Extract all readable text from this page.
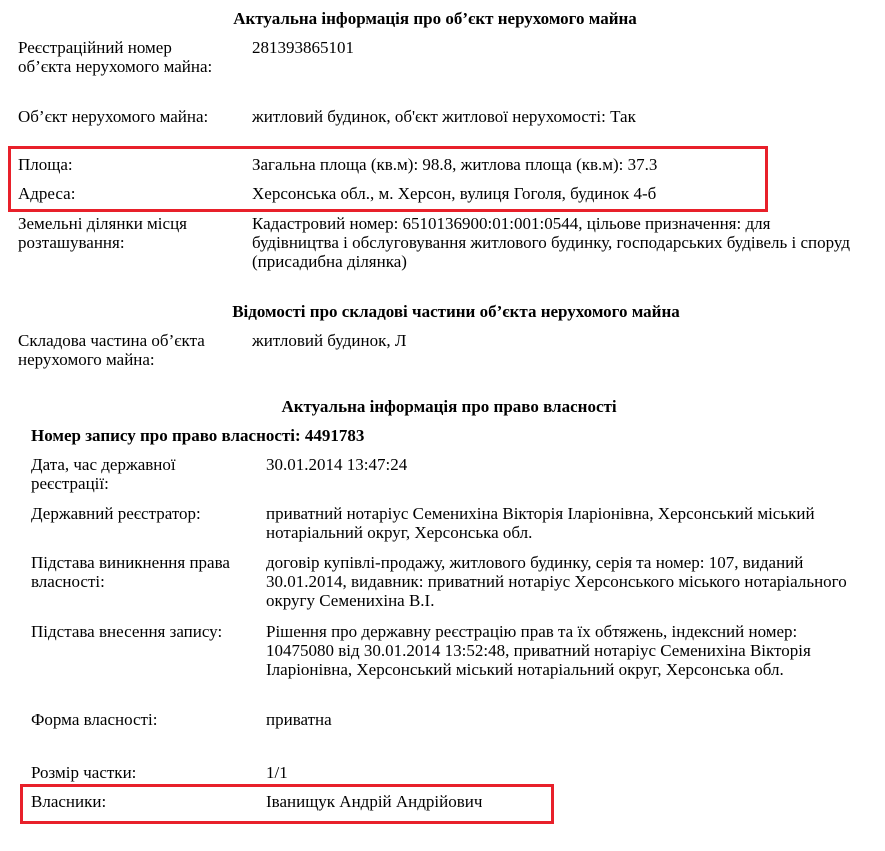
Актуальна інформація про об’єкт нерухомого майна
Реєстраційний номер об’єкта нерухомого майна:
281393865101
Об’єкт нерухомого майна:	житловий будинок, об'єкт житлової нерухомості: Так
Площа:	Загальна площа (кв.м): 98.8, житлова площа (кв.м): 37.3
Адреса:	Херсонська обл., м. Херсон, вулиця Гоголя, будинок 4-б
Земельні ділянки місця розташування:
Кадастровий номер: 6510136900:01:001:0544, цільове призначення: для будівництва і обслуговування житлового будинку, господарських будівель і споруд (присадибна ділянка)
Відомості про складові частини об’єкта нерухомого майна
Складова частина об’єкта нерухомого майна:
житловий будинок, Л
Актуальна інформація про право власності
Номер запису про право власності: 4491783
Дата, час державної реєстрації:
30.01.2014 13:47:24
Державний реєстратор:	приватний нотаріус Семенихіна Вікторія Іларіонівна, Херсонський міський нотаріальний округ, Херсонська обл.
Підстава виникнення права власності:
договір купівлі-продажу, житлового будинку, серія та номер: 107, виданий 30.01.2014, видавник: приватний нотаріус Херсонського міського нотаріального округу Семенихіна В.І.
Підстава внесення запису:	Рішення про державну реєстрацію прав та їх обтяжень, індексний номер: 10475080 від 30.01.2014 13:52:48, приватний нотаріус Семенихіна Вікторія Іларіонівна, Херсонський міський нотаріальний округ, Херсонська обл.
Форма власності:	приватна
Розмір частки:	1/1
Власники:	Іванищук Андрій Андрійович
